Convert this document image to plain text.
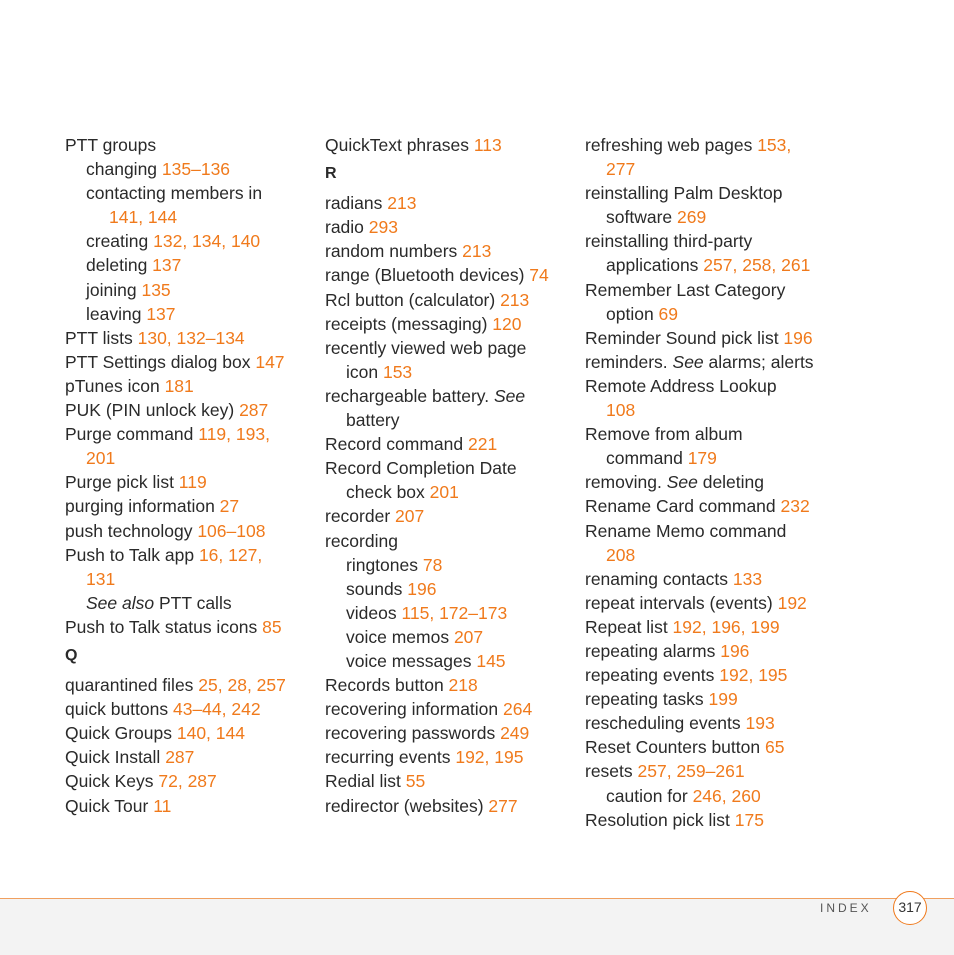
PTT groups
changing 135–136
contacting members in
141, 144
creating 132, 134, 140
deleting 137
joining 135
leaving 137
PTT lists 130, 132–134
PTT Settings dialog box 147
pTunes icon 181
PUK (PIN unlock key) 287
Purge command 119, 193,
201
Purge pick list 119
purging information 27
push technology 106–108
Push to Talk app 16, 127,
131
See also PTT calls
Push to Talk status icons 85
Q
quarantined files 25, 28, 257
quick buttons 43–44, 242
Quick Groups 140, 144
Quick Install 287
Quick Keys 72, 287
Quick Tour 11
QuickText phrases 113
R
radians 213
radio 293
random numbers 213
range (Bluetooth devices) 74
Rcl button (calculator) 213
receipts (messaging) 120
recently viewed web page
icon 153
rechargeable battery. See
battery
Record command 221
Record Completion Date
check box 201
recorder 207
recording
ringtones 78
sounds 196
videos 115, 172–173
voice memos 207
voice messages 145
Records button 218
recovering information 264
recovering passwords 249
recurring events 192, 195
Redial list 55
redirector (websites) 277
refreshing web pages 153,
277
reinstalling Palm Desktop
software 269
reinstalling third-party
applications 257, 258, 261
Remember Last Category
option 69
Reminder Sound pick list 196
reminders. See alarms; alerts
Remote Address Lookup
108
Remove from album
command 179
removing. See deleting
Rename Card command 232
Rename Memo command
208
renaming contacts 133
repeat intervals (events) 192
Repeat list 192, 196, 199
repeating alarms 196
repeating events 192, 195
repeating tasks 199
rescheduling events 193
Reset Counters button 65
resets 257, 259–261
caution for 246, 260
Resolution pick list 175
INDEX	317
